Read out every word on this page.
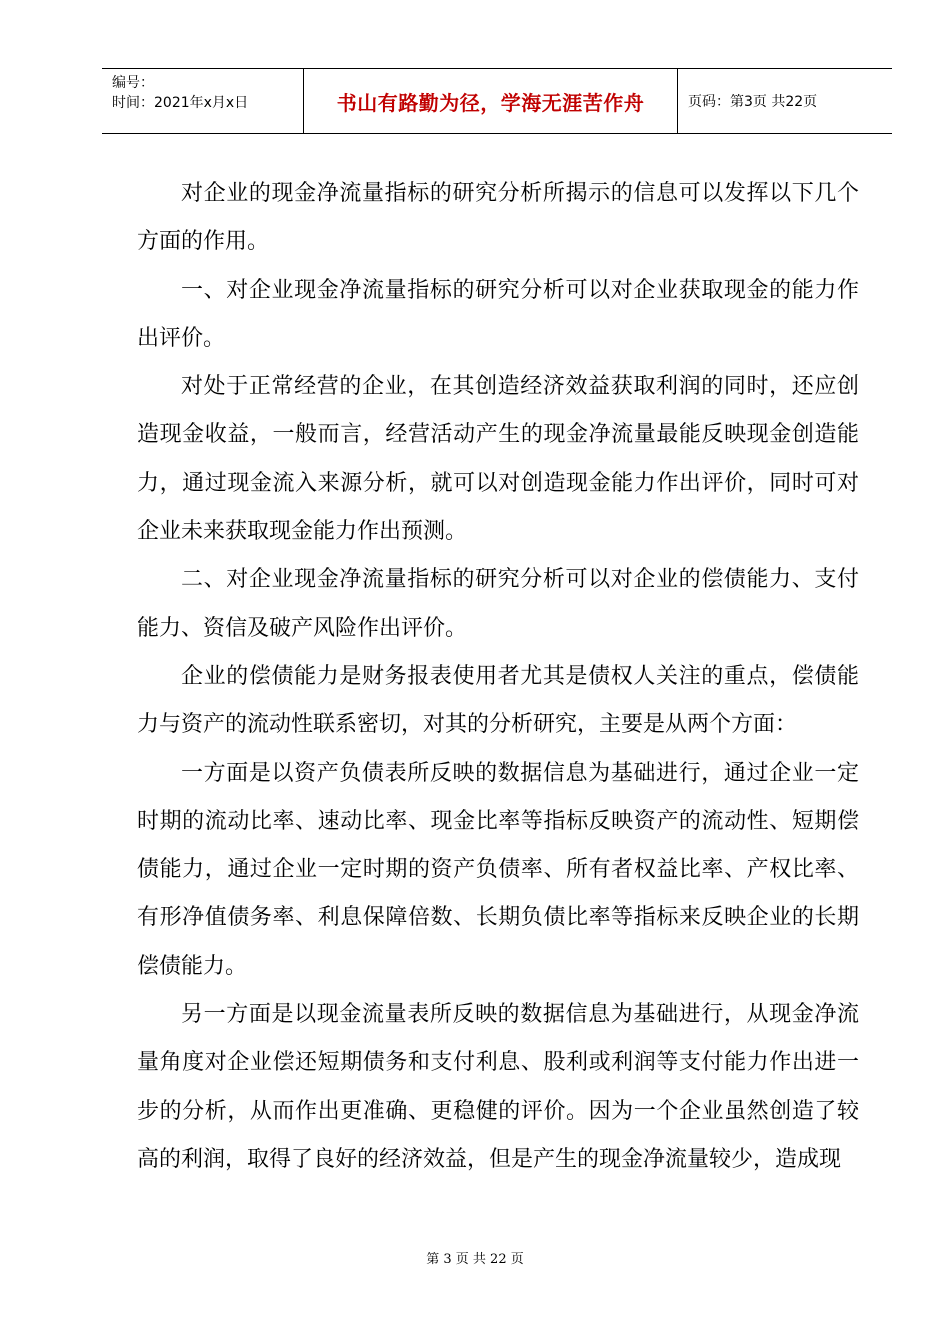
编号：
时间：2021年x月x日	书山有路勤为径，学海无涯苦作舟	页码：第3页 共22页

对企业的现金净流量指标的研究分析所揭示的信息可以发挥以下几个方面的作用。

一、对企业现金净流量指标的研究分析可以对企业获取现金的能力作出评价。

对处于正常经营的企业，在其创造经济效益获取利润的同时，还应创造现金收益，一般而言，经营活动产生的现金净流量最能反映现金创造能力，通过现金流入来源分析，就可以对创造现金能力作出评价，同时可对企业未来获取现金能力作出预测。

二、对企业现金净流量指标的研究分析可以对企业的偿债能力、支付能力、资信及破产风险作出评价。

企业的偿债能力是财务报表使用者尤其是债权人关注的重点，偿债能力与资产的流动性联系密切，对其的分析研究，主要是从两个方面：

一方面是以资产负债表所反映的数据信息为基础进行，通过企业一定时期的流动比率、速动比率、现金比率等指标反映资产的流动性、短期偿债能力，通过企业一定时期的资产负债率、所有者权益比率、产权比率、有形净值债务率、利息保障倍数、长期负债比率等指标来反映企业的长期偿债能力。

另一方面是以现金流量表所反映的数据信息为基础进行，从现金净流量角度对企业偿还短期债务和支付利息、股利或利润等支付能力作出进一步的分析，从而作出更准确、更稳健的评价。因为一个企业虽然创造了较高的利润，取得了良好的经济效益，但是产生的现金净流量较少，造成现

第 3 页 共 22 页
